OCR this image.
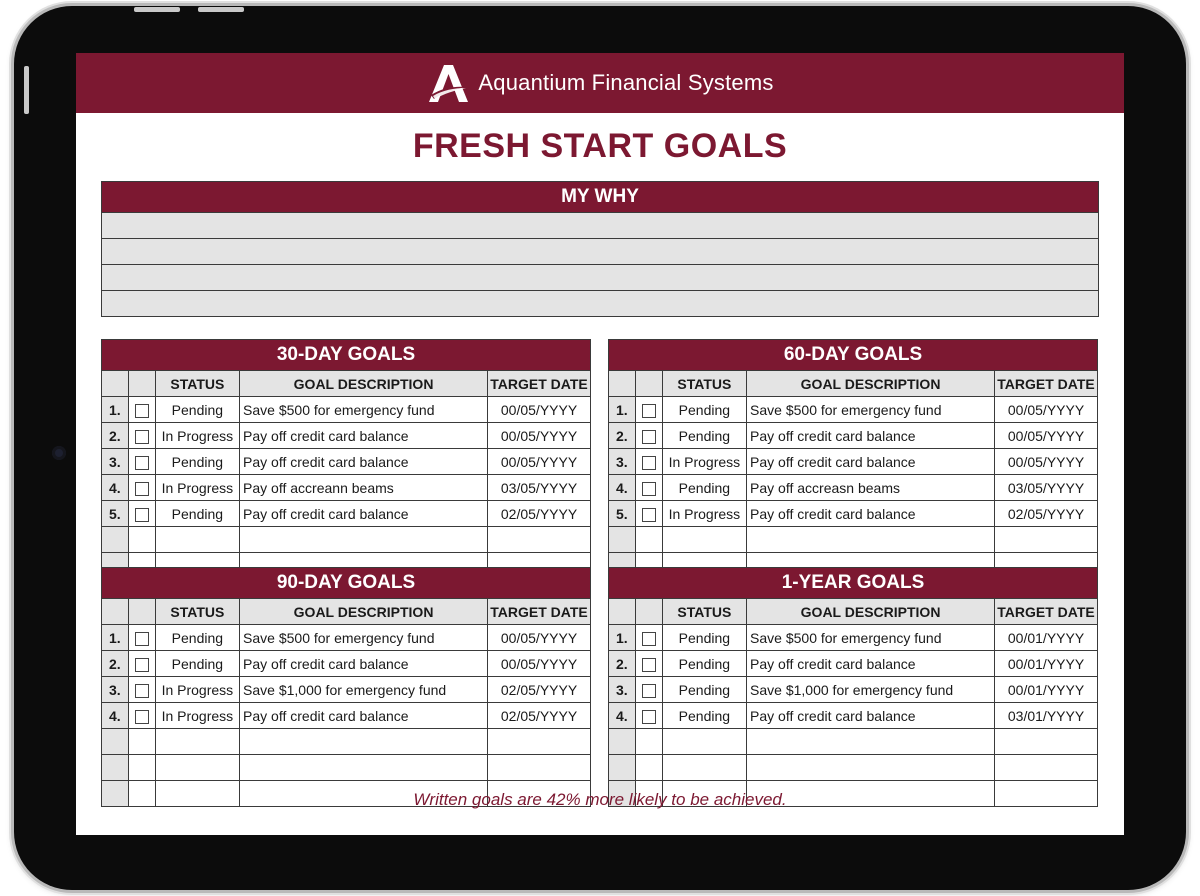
Aquantium Financial Systems
FRESH START GOALS
MY WHY
30-DAY GOALS
		STATUS	GOAL DESCRIPTION	TARGET DATE
1.		Pending	Save $500 for emergency fund	00/05/YYYY
2.		In Progress	Pay off credit card balance	00/05/YYYY
3.		Pending	Pay off credit card balance	00/05/YYYY
4.		In Progress	Pay off accreann beams	03/05/YYYY
5.		Pending	Pay off credit card balance	02/05/YYYY

60-DAY GOALS
		STATUS	GOAL DESCRIPTION	TARGET DATE
1.		Pending	Save $500 for emergency fund	00/05/YYYY
2.		Pending	Pay off credit card balance	00/05/YYYY
3.		In Progress	Pay off credit card balance	00/05/YYYY
4.		Pending	Pay off accreasn beams	03/05/YYYY
5.		In Progress	Pay off credit card balance	02/05/YYYY

90-DAY GOALS
		STATUS	GOAL DESCRIPTION	TARGET DATE
1.		Pending	Save $500 for emergency fund	00/05/YYYY
2.		Pending	Pay off credit card balance	00/05/YYYY
3.		In Progress	Save $1,000 for emergency fund	02/05/YYYY
4.		In Progress	Pay off credit card balance	02/05/YYYY

1-YEAR GOALS
		STATUS	GOAL DESCRIPTION	TARGET DATE
1.		Pending	Save $500 for emergency fund	00/01/YYYY
2.		Pending	Pay off credit card balance	00/01/YYYY
3.		Pending	Save $1,000 for emergency fund	00/01/YYYY
4.		Pending	Pay off credit card balance	03/01/YYYY

Written goals are 42% more likely to be achieved.
